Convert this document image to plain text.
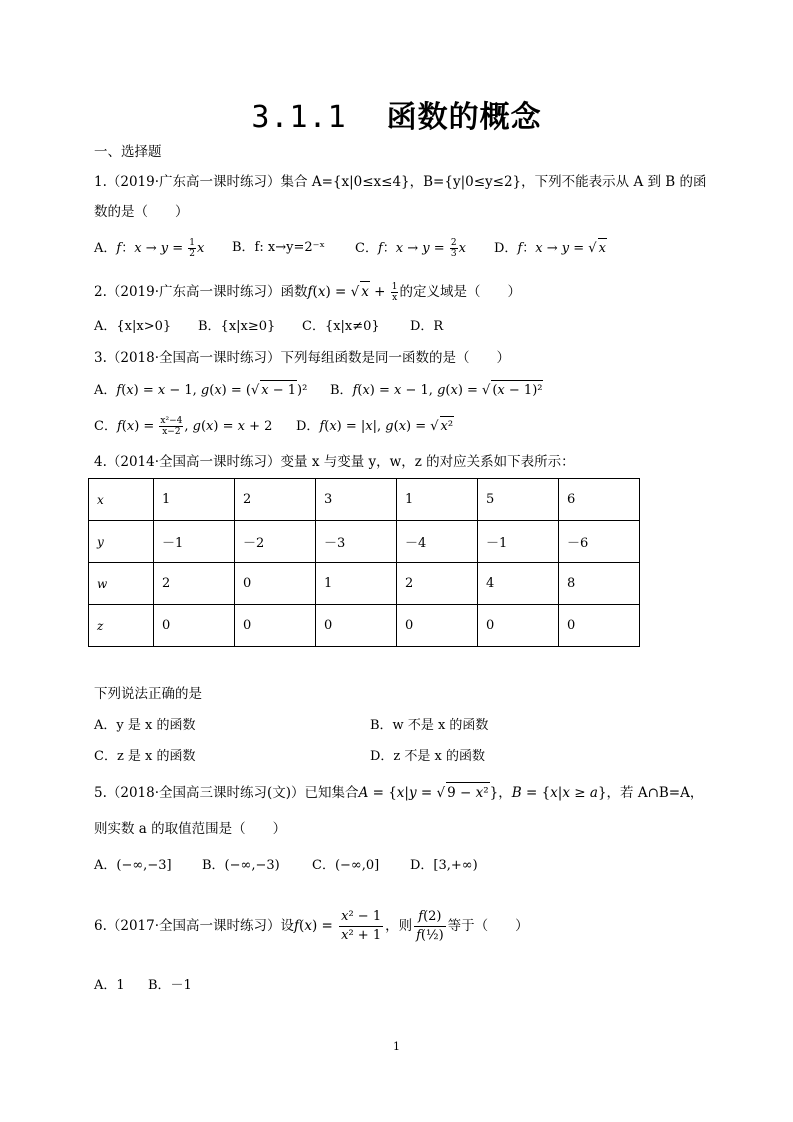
3.1.1 函数的概念
一、选择题
1.（2019·广东高一课时练习）集合 A={x|0≤x≤4}，B={y|0≤y≤2}，下列不能表示从 A 到 B 的函
数的是（　　）
A．f：$x \to y = \frac{1}{2}$ x B．f: x→y=2⁻ˣ C．f：$x \to y = \frac{2}{3}$ x D．f：x → y = √ x
2.（2019·广东高一课时练习）函数f(x) = √ $x + \frac{1}{x}$ 的定义域是（　　）
A．{x|x>0} B．{x|x≥0} C．{x|x≠0} D．R
3.（2018·全国高一课时练习）下列每组函数是同一函数的是（　　）
A．f(x) = x − 1, g(x) = (√ x − 1)² B．f(x) = x − 1, g(x) = √ (x − 1)²
C．$f(x) = \frac{\text{x²−4}}{x-2}$ , g(x) = x + 2 D．f(x) = |x|, g(x) = √ x²
4.（2014·全国高一课时练习）变量 x 与变量 y，w，z 的对应关系如下表所示：
x	1	2	3	1	5	6
y	－1	－2	－3	－4	－1	－6
w	2	0	1	2	4	8
z	0	0	0	0	0	0
下列说法正确的是
A．y 是 x 的函数	B．w 不是 x 的函数
C．z 是 x 的函数	D．z 不是 x 的函数
5.（2018·全国高三课时练习(文)）已知集合A = {x|y = √ 9 − x²}，B = {x|x ≥ a}，若 A∩B=A，
则实数 a 的取值范围是（　　）
A．(−∞,−3] B．(−∞,−3) C．(−∞,0] D．[3,+∞)
6.（2017·全国高一课时练习）设$f(x) = \frac{\text{x² − 1}}{\text{x² + 1}}$ ，则 $\frac{f(2)}{\text{f(½)}}$ 等于（　　）
A．1 B．－1
1
